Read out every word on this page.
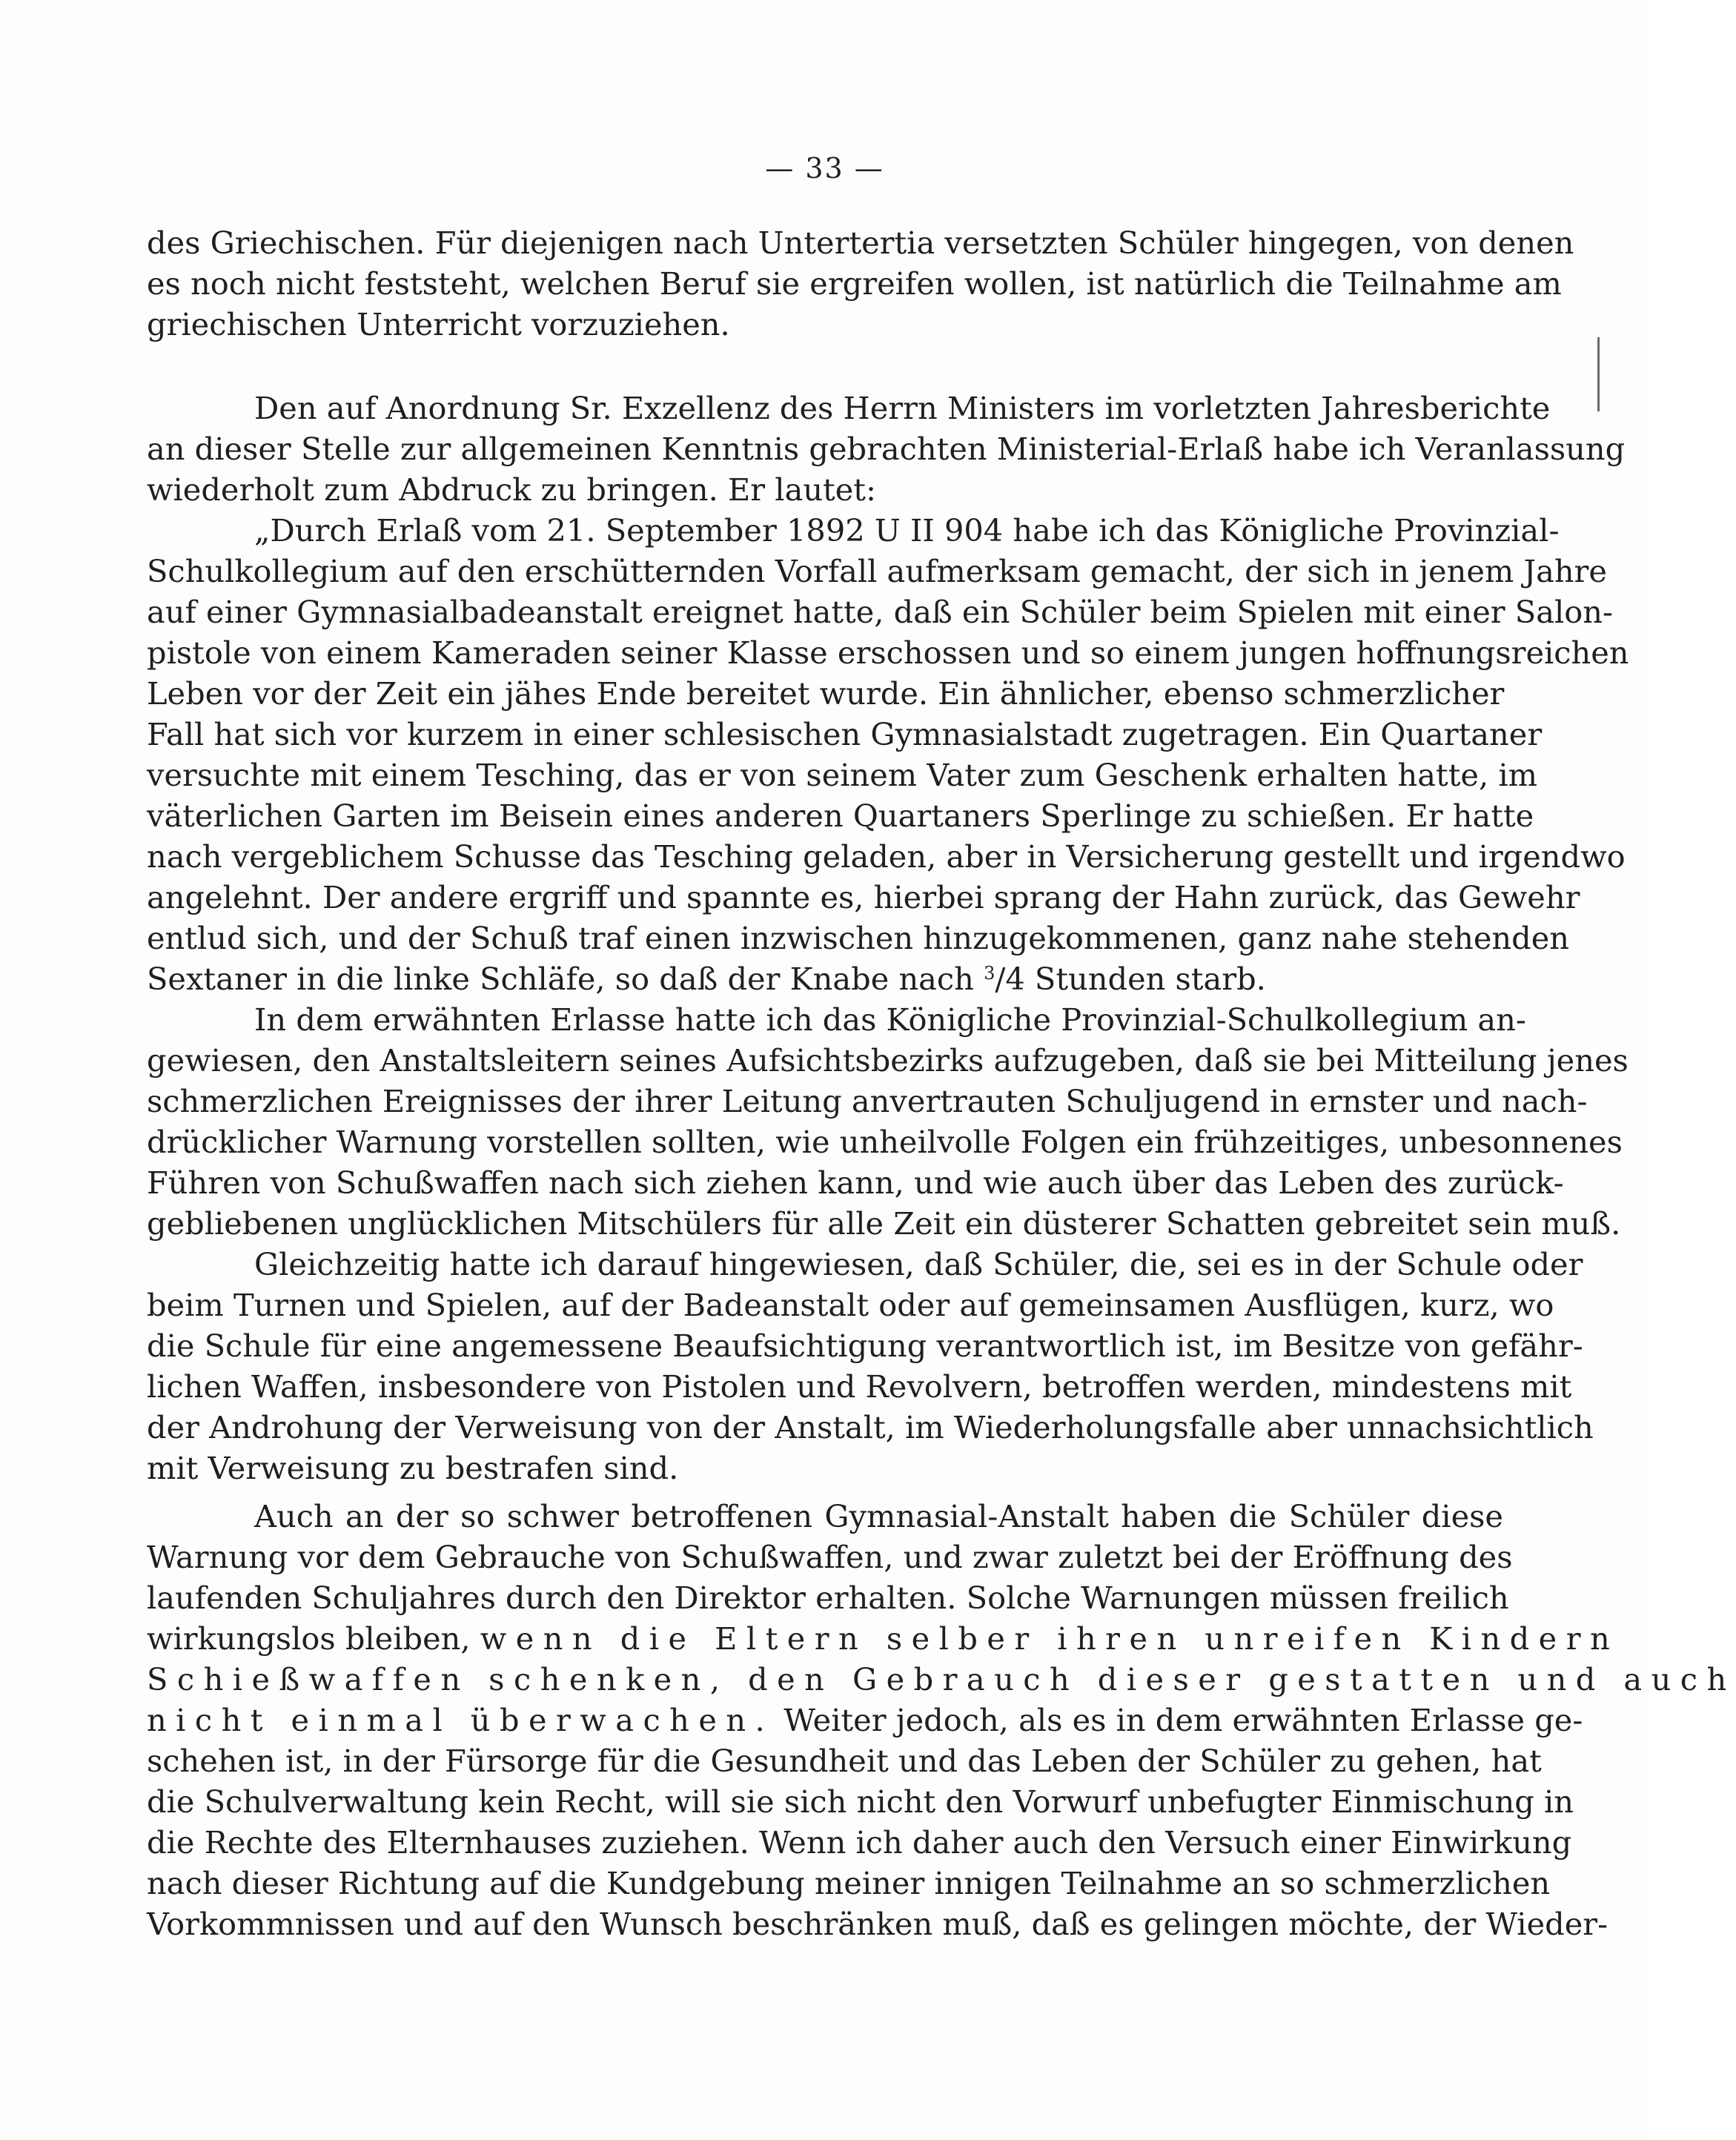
— 33 —
des Griechischen. Für diejenigen nach Untertertia versetzten Schüler hingegen, von denen
es noch nicht feststeht, welchen Beruf sie ergreifen wollen, ist natürlich die Teilnahme am
griechischen Unterricht vorzuziehen.
Den auf Anordnung Sr. Exzellenz des Herrn Ministers im vorletzten Jahresberichte
an dieser Stelle zur allgemeinen Kenntnis gebrachten Ministerial-Erlaß habe ich Veranlassung
wiederholt zum Abdruck zu bringen. Er lautet:
„Durch Erlaß vom 21. September 1892 U II 904 habe ich das Königliche Provinzial-
Schulkollegium auf den erschütternden Vorfall aufmerksam gemacht, der sich in jenem Jahre
auf einer Gymnasialbadeanstalt ereignet hatte, daß ein Schüler beim Spielen mit einer Salon-
pistole von einem Kameraden seiner Klasse erschossen und so einem jungen hoffnungsreichen
Leben vor der Zeit ein jähes Ende bereitet wurde. Ein ähnlicher, ebenso schmerzlicher
Fall hat sich vor kurzem in einer schlesischen Gymnasialstadt zugetragen. Ein Quartaner
versuchte mit einem Tesching, das er von seinem Vater zum Geschenk erhalten hatte, im
väterlichen Garten im Beisein eines anderen Quartaners Sperlinge zu schießen. Er hatte
nach vergeblichem Schusse das Tesching geladen, aber in Versicherung gestellt und irgendwo
angelehnt. Der andere ergriff und spannte es, hierbei sprang der Hahn zurück, das Gewehr
entlud sich, und der Schuß traf einen inzwischen hinzugekommenen, ganz nahe stehenden
Sextaner in die linke Schläfe, so daß der Knabe nach $^3$/4 Stunden starb.
In dem erwähnten Erlasse hatte ich das Königliche Provinzial-Schulkollegium an-
gewiesen, den Anstaltsleitern seines Aufsichtsbezirks aufzugeben, daß sie bei Mitteilung jenes
schmerzlichen Ereignisses der ihrer Leitung anvertrauten Schuljugend in ernster und nach-
drücklicher Warnung vorstellen sollten, wie unheilvolle Folgen ein frühzeitiges, unbesonnenes
Führen von Schußwaffen nach sich ziehen kann, und wie auch über das Leben des zurück-
gebliebenen unglücklichen Mitschülers für alle Zeit ein düsterer Schatten gebreitet sein muß.
Gleichzeitig hatte ich darauf hingewiesen, daß Schüler, die, sei es in der Schule oder
beim Turnen und Spielen, auf der Badeanstalt oder auf gemeinsamen Ausflügen, kurz, wo
die Schule für eine angemessene Beaufsichtigung verantwortlich ist, im Besitze von gefähr-
lichen Waffen, insbesondere von Pistolen und Revolvern, betroffen werden, mindestens mit
der Androhung der Verweisung von der Anstalt, im Wiederholungsfalle aber unnachsichtlich
mit Verweisung zu bestrafen sind.
Auch an der so schwer betroffenen Gymnasial-Anstalt haben die Schüler diese
Warnung vor dem Gebrauche von Schußwaffen, und zwar zuletzt bei der Eröffnung des
laufenden Schuljahres durch den Direktor erhalten. Solche Warnungen müssen freilich
wirkungslos bleiben, wenn die Eltern selber ihren unreifen Kindern
Schießwaffen schenken, den Gebrauch dieser gestatten und auch
nicht einmal überwachen. Weiter jedoch, als es in dem erwähnten Erlasse ge-
schehen ist, in der Fürsorge für die Gesundheit und das Leben der Schüler zu gehen, hat
die Schulverwaltung kein Recht, will sie sich nicht den Vorwurf unbefugter Einmischung in
die Rechte des Elternhauses zuziehen. Wenn ich daher auch den Versuch einer Einwirkung
nach dieser Richtung auf die Kundgebung meiner innigen Teilnahme an so schmerzlichen
Vorkommnissen und auf den Wunsch beschränken muß, daß es gelingen möchte, der Wieder-
